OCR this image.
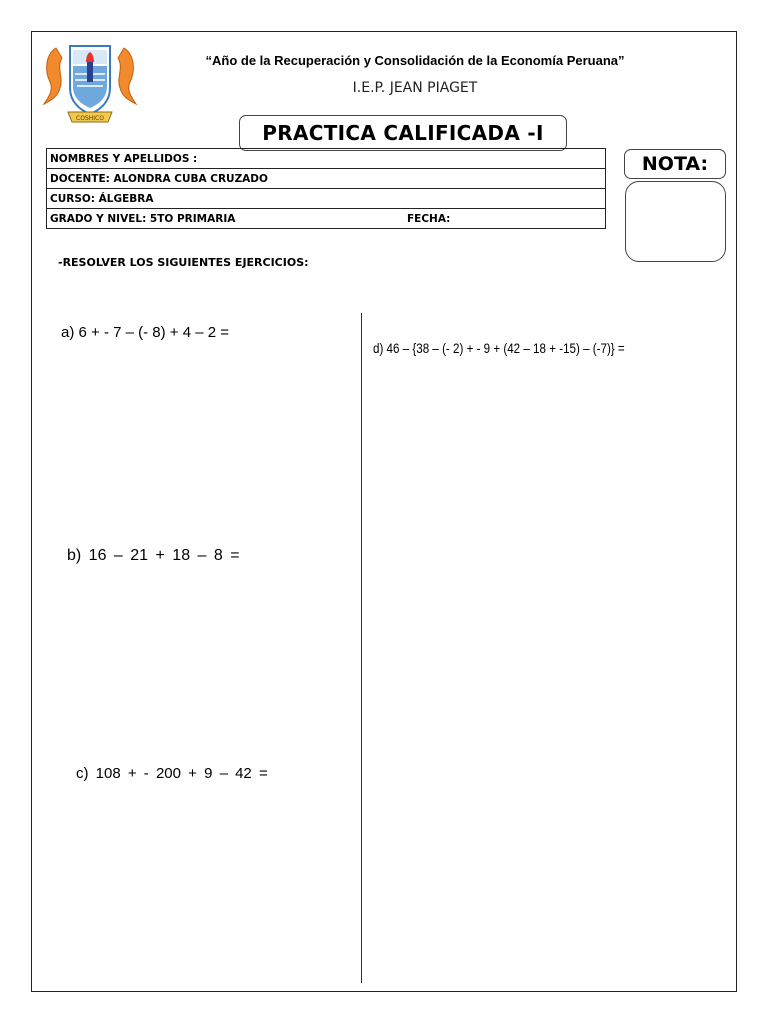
COSHICO
“Año de la Recuperación y Consolidación de la Economía Peruana”
I.E.P. JEAN PIAGET
PRACTICA CALIFICADA -I
NOMBRES Y APELLIDOS :
DOCENTE: ALONDRA CUBA CRUZADO
CURSO: ÁLGEBRA
GRADO Y NIVEL: 5TO PRIMARIA	FECHA:
NOTA:
-RESOLVER LOS SIGUIENTES EJERCICIOS:
a) 6 + - 7 – (- 8) + 4 – 2 =
b) 16 – 21 + 18 – 8 =
c) 108 + - 200 + 9 – 42 =
d) 46 – {38 – (- 2) + - 9 + (42 – 18 + -15) – (-7)} =
